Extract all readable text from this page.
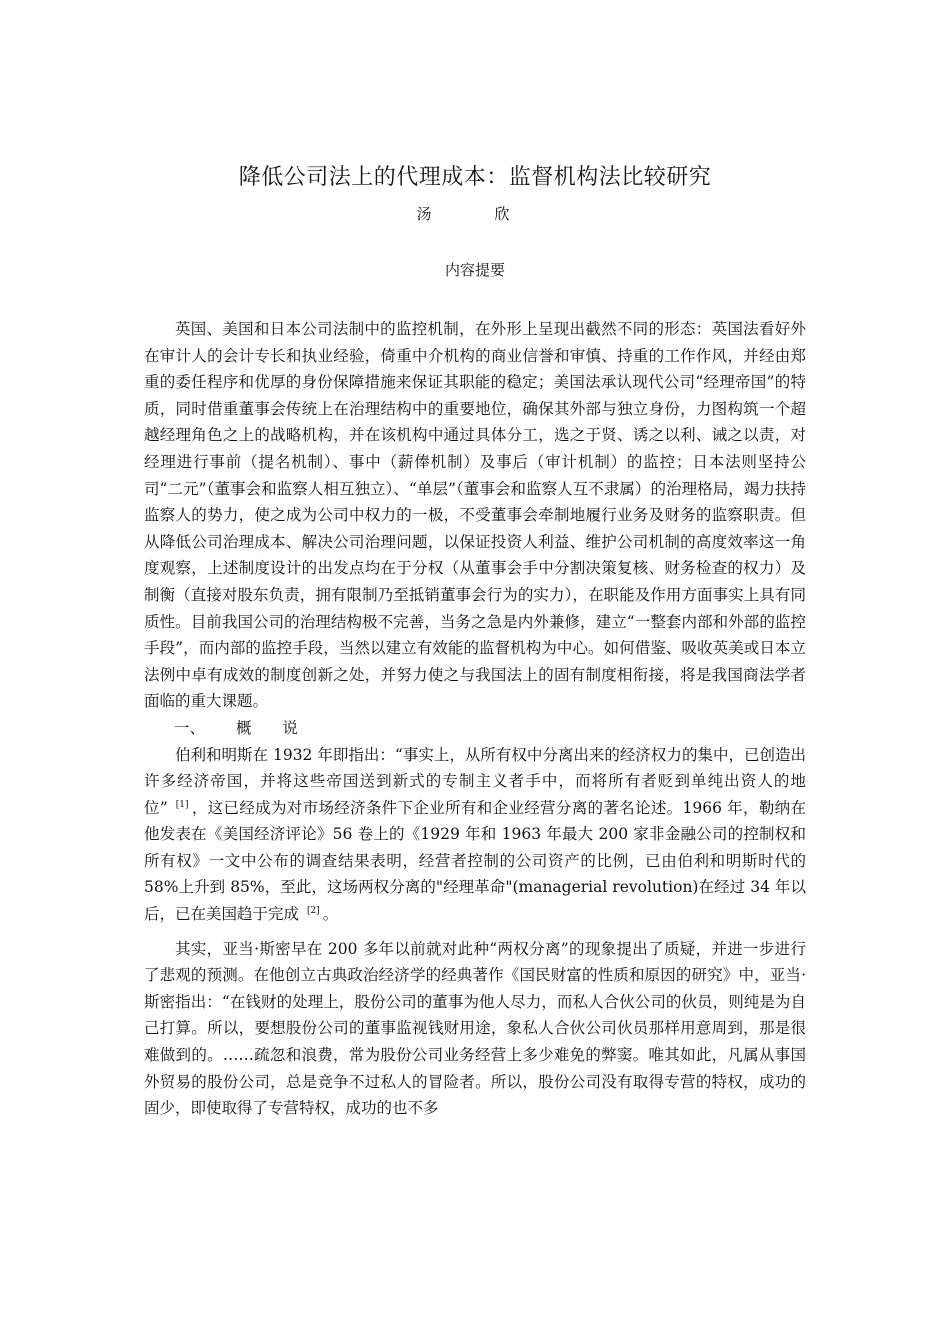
降低公司法上的代理成本：监督机构法比较研究
汤　欣
内容提要

英国、美国和日本公司法制中的监控机制，在外形上呈现出截然不同的形态：英国法看好外在审计人的会计专长和执业经验，倚重中介机构的商业信誉和审慎、持重的工作作风，并经由郑重的委任程序和优厚的身份保障措施来保证其职能的稳定；美国法承认现代公司“经理帝国”的特质，同时借重董事会传统上在治理结构中的重要地位，确保其外部与独立身份，力图构筑一个超越经理角色之上的战略机构，并在该机构中通过具体分工，选之于贤、诱之以利、诫之以责，对经理进行事前（提名机制）、事中（薪俸机制）及事后（审计机制）的监控；日本法则坚持公司“二元”（董事会和监察人相互独立）、“单层”（董事会和监察人互不隶属）的治理格局，竭力扶持监察人的势力，使之成为公司中权力的一极，不受董事会牵制地履行业务及财务的监察职责。但从降低公司治理成本、解决公司治理问题，以保证投资人利益、维护公司机制的高度效率这一角度观察，上述制度设计的出发点均在于分权（从董事会手中分割决策复核、财务检查的权力）及制衡（直接对股东负责，拥有限制乃至抵销董事会行为的实力），在职能及作用方面事实上具有同质性。目前我国公司的治理结构极不完善，当务之急是内外兼修，建立“一整套内部和外部的监控手段”，而内部的监控手段，当然以建立有效能的监督机构为中心。如何借鉴、吸收英美或日本立法例中卓有成效的制度创新之处，并努力使之与我国法上的固有制度相衔接，将是我国商法学者面临的重大课题。

一、 概 说

伯利和明斯在 1932 年即指出：“事实上，从所有权中分离出来的经济权力的集中，已创造出许多经济帝国，并将这些帝国送到新式的专制主义者手中，而将所有者贬到单纯出资人的地位” [1] ，这已经成为对市场经济条件下企业所有和企业经营分离的著名论述。1966 年，勒纳在他发表在《美国经济评论》56 卷上的《1929 年和 1963 年最大 200 家非金融公司的控制权和所有权》一文中公布的调查结果表明，经营者控制的公司资产的比例，已由伯利和明斯时代的 58%上升到 85%，至此，这场两权分离的"经理革命"(managerial revolution)在经过 34 年以后，已在美国趋于完成 [2] 。

其实，亚当·斯密早在 200 多年以前就对此种“两权分离”的现象提出了质疑，并进一步进行了悲观的预测。在他创立古典政治经济学的经典著作《国民财富的性质和原因的研究》中，亚当·斯密指出：“在钱财的处理上，股份公司的董事为他人尽力，而私人合伙公司的伙员，则纯是为自己打算。所以，要想股份公司的董事监视钱财用途，象私人合伙公司伙员那样用意周到，那是很难做到的。……疏忽和浪费，常为股份公司业务经营上多少难免的弊窦。唯其如此，凡属从事国外贸易的股份公司，总是竞争不过私人的冒险者。所以，股份公司没有取得专营的特权，成功的固少，即使取得了专营特权，成功的也不多
